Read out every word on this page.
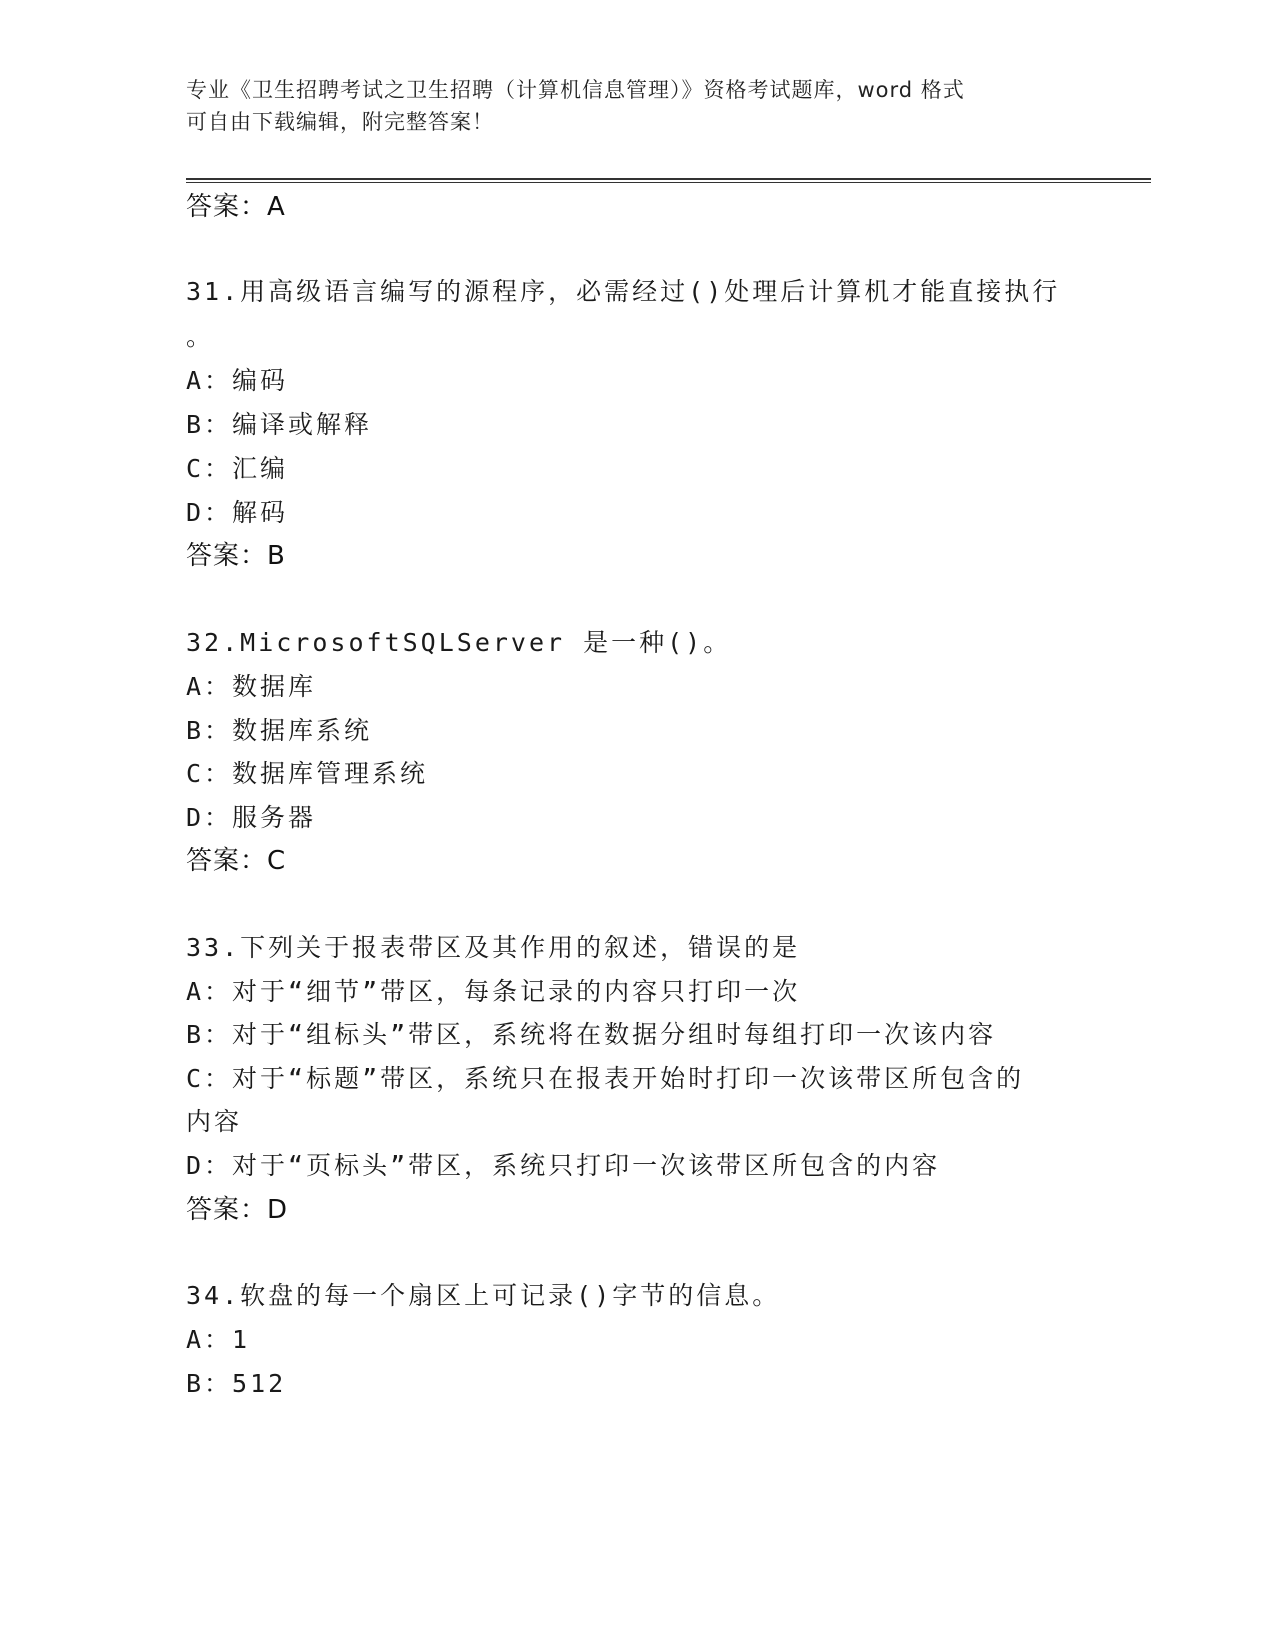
专业《卫生招聘考试之卫生招聘（计算机信息管理）》资格考试题库，word 格式
可自由下载编辑，附完整答案！
答案：A
31.用高级语言编写的源程序，必需经过()处理后计算机才能直接执行
。
A：编码
B：编译或解释
C：汇编
D：解码
答案：B
32.MicrosoftSQLServer 是一种()。
A：数据库
B：数据库系统
C：数据库管理系统
D：服务器
答案：C
33.下列关于报表带区及其作用的叙述，错误的是
A：对于“细节”带区，每条记录的内容只打印一次
B：对于“组标头”带区，系统将在数据分组时每组打印一次该内容
C：对于“标题”带区，系统只在报表开始时打印一次该带区所包含的
内容
D：对于“页标头”带区，系统只打印一次该带区所包含的内容
答案：D
34.软盘的每一个扇区上可记录()字节的信息。
A：1
B：512
